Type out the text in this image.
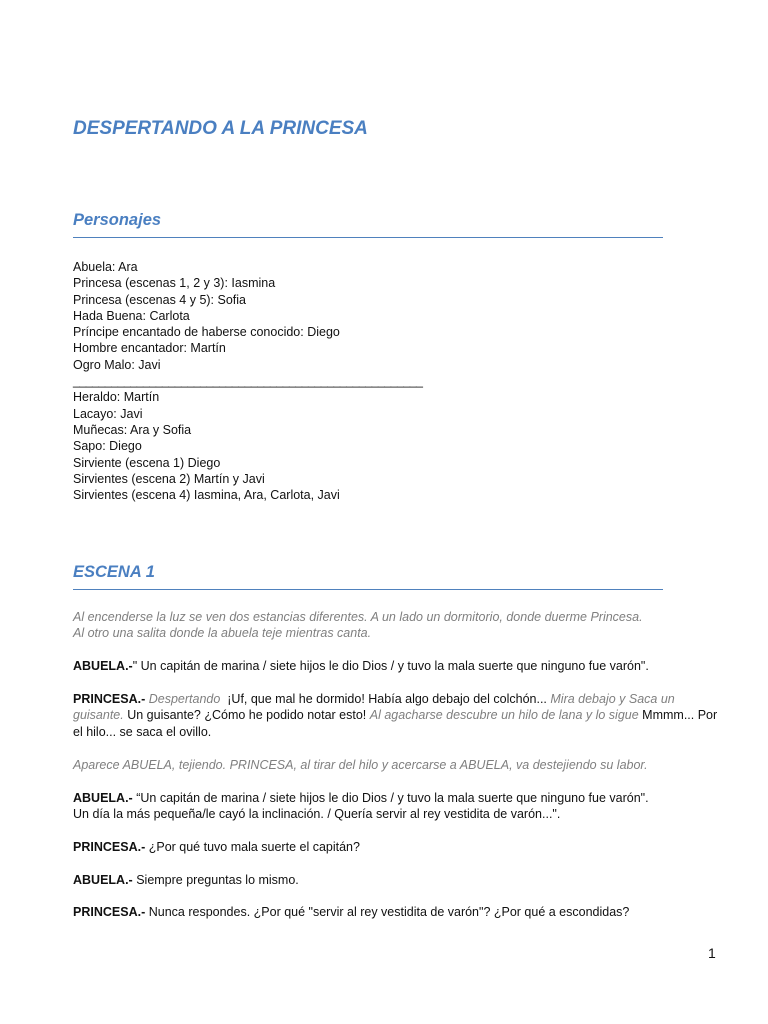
DESPERTANDO A LA PRINCESA
Personajes
Abuela: Ara
Princesa (escenas 1, 2 y 3): Iasmina
Princesa (escenas 4 y 5): Sofia
Hada Buena: Carlota
Príncipe encantado de haberse conocido: Diego
Hombre encantador: Martín
Ogro Malo: Javi
_______________________________________________________
Heraldo: Martín
Lacayo: Javi
Muñecas: Ara y Sofia
Sapo: Diego
Sirviente (escena 1) Diego
Sirvientes (escena 2) Martín y Javi
Sirvientes (escena 4) Iasmina, Ara, Carlota, Javi
ESCENA 1
Al encenderse la luz se ven dos estancias diferentes. A un lado un dormitorio, donde duerme Princesa.
Al otro una salita donde la abuela teje mientras canta.
ABUELA.-" Un capitán de marina / siete hijos le dio Dios / y tuvo la mala suerte que ninguno fue varón".
PRINCESA.- Despertando ¡Uf, que mal he dormido! Había algo debajo del colchón... Mira debajo y Saca un guisante. Un guisante? ¿Cómo he podido notar esto! Al agacharse descubre un hilo de lana y lo sigue Mmmm... Por el hilo... se saca el ovillo.
Aparece ABUELA, tejiendo. PRINCESA, al tirar del hilo y acercarse a ABUELA, va destejiendo su labor.
ABUELA.- “Un capitán de marina / siete hijos le dio Dios / y tuvo la mala suerte que ninguno fue varón".
Un día la más pequeña/le cayó la inclinación. / Quería servir al rey vestidita de varón...".
PRINCESA.- ¿Por qué tuvo mala suerte el capitán?
ABUELA.- Siempre preguntas lo mismo.
PRINCESA.- Nunca respondes. ¿Por qué "servir al rey vestidita de varón"? ¿Por qué a escondidas?
1
